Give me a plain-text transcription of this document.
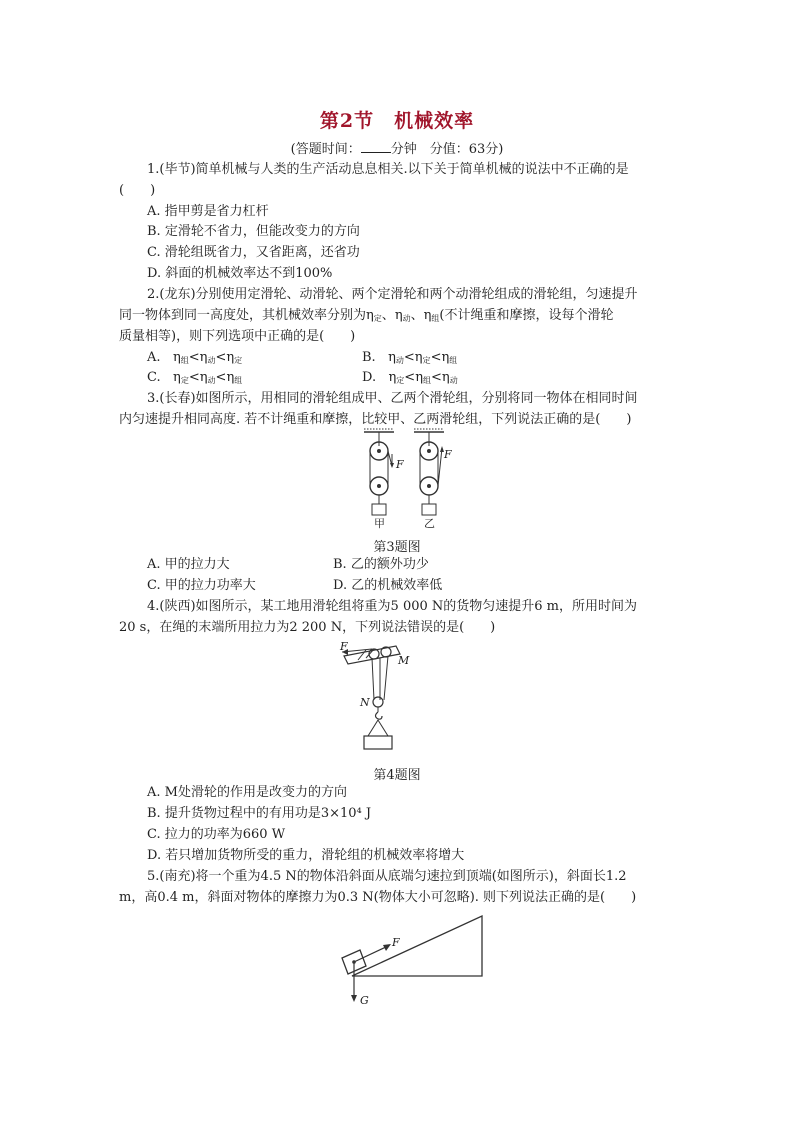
第2节　机械效率
(答题时间： 分钟　分值：63分)
1.(毕节)简单机械与人类的生产活动息息相关.以下关于简单机械的说法中不正确的是
(　　)
A. 指甲剪是省力杠杆
B. 定滑轮不省力，但能改变力的方向
C. 滑轮组既省力，又省距离，还省功
D. 斜面的机械效率达不到100%
2.(龙东)分别使用定滑轮、动滑轮、两个定滑轮和两个动滑轮组成的滑轮组，匀速提升
同一物体到同一高度处，其机械效率分别为$\eta_定$、$\eta_动$、$\eta_组$(不计绳重和摩擦，设每个滑轮
质量相等)，则下列选项中正确的是(　　)
A. $\eta_组<\eta_动<\eta_定$	B. $\eta_动<\eta_定<\eta_组$
C. $\eta_定<\eta_动<\eta_组$	D. $\eta_定<\eta_组<\eta_动$
3.(长春)如图所示，用相同的滑轮组成甲、乙两个滑轮组，分别将同一物体在相同时间
内匀速提升相同高度. 若不计绳重和摩擦，比较甲、乙两滑轮组，下列说法正确的是(　　)
F
甲
F
乙
第3题图
A. 甲的拉力大	B. 乙的额外功少
C. 甲的拉力功率大	D. 乙的机械效率低
4.(陕西)如图所示，某工地用滑轮组将重为5 000 N的货物匀速提升6 m，所用时间为
20 s，在绳的末端所用拉力为2 200 N，下列说法错误的是(　　)
F
M
N
第4题图
A. M处滑轮的作用是改变力的方向
B. 提升货物过程中的有用功是3×10⁴ J
C. 拉力的功率为660 W
D. 若只增加货物所受的重力，滑轮组的机械效率将增大
5.(南充)将一个重为4.5 N的物体沿斜面从底端匀速拉到顶端(如图所示)，斜面长1.2
m，高0.4 m，斜面对物体的摩擦力为0.3 N(物体大小可忽略). 则下列说法正确的是(　　)
F
G
